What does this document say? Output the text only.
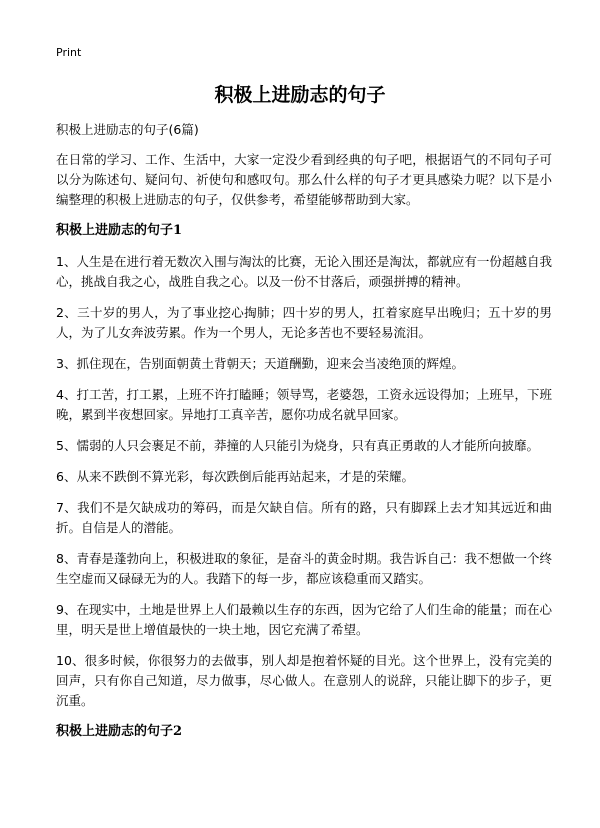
Print
积极上进励志的句子

积极上进励志的句子(6篇)

在日常的学习、工作、生活中，大家一定没少看到经典的句子吧，根据语气的不同句子可以分为陈述句、疑问句、祈使句和感叹句。那么什么样的句子才更具感染力呢？以下是小编整理的积极上进励志的句子，仅供参考，希望能够帮助到大家。

积极上进励志的句子1

1、人生是在进行着无数次入围与淘汰的比赛，无论入围还是淘汰，都就应有一份超越自我心，挑战自我之心，战胜自我之心。以及一份不甘落后，顽强拼搏的精神。

2、三十岁的男人，为了事业挖心掏肺；四十岁的男人，扛着家庭早出晚归；五十岁的男人，为了儿女奔波劳累。作为一个男人，无论多苦也不要轻易流泪。

3、抓住现在，告别面朝黄土背朝天；天道酬勤，迎来会当凌绝顶的辉煌。

4、打工苦，打工累，上班不许打瞌睡；领导骂，老婆怨，工资永远设得加；上班早，下班晚，累到半夜想回家。异地打工真辛苦，愿你功成名就早回家。

5、懦弱的人只会裹足不前，莽撞的人只能引为烧身，只有真正勇敢的人才能所向披靡。

6、从来不跌倒不算光彩，每次跌倒后能再站起来，才是的荣耀。

7、我们不是欠缺成功的筹码，而是欠缺自信。所有的路，只有脚踩上去才知其远近和曲折。自信是人的潜能。

8、青春是蓬勃向上，积极进取的象征，是奋斗的黄金时期。我告诉自己：我不想做一个终生空虚而又碌碌无为的人。我踏下的每一步，都应该稳重而又踏实。

9、在现实中，土地是世界上人们最赖以生存的东西，因为它给了人们生命的能量；而在心里，明天是世上增值最快的一块土地，因它充满了希望。

10、很多时候，你很努力的去做事，别人却是抱着怀疑的目光。这个世界上，没有完美的回声，只有你自己知道，尽力做事，尽心做人。在意别人的说辞，只能让脚下的步子，更沉重。

积极上进励志的句子2
